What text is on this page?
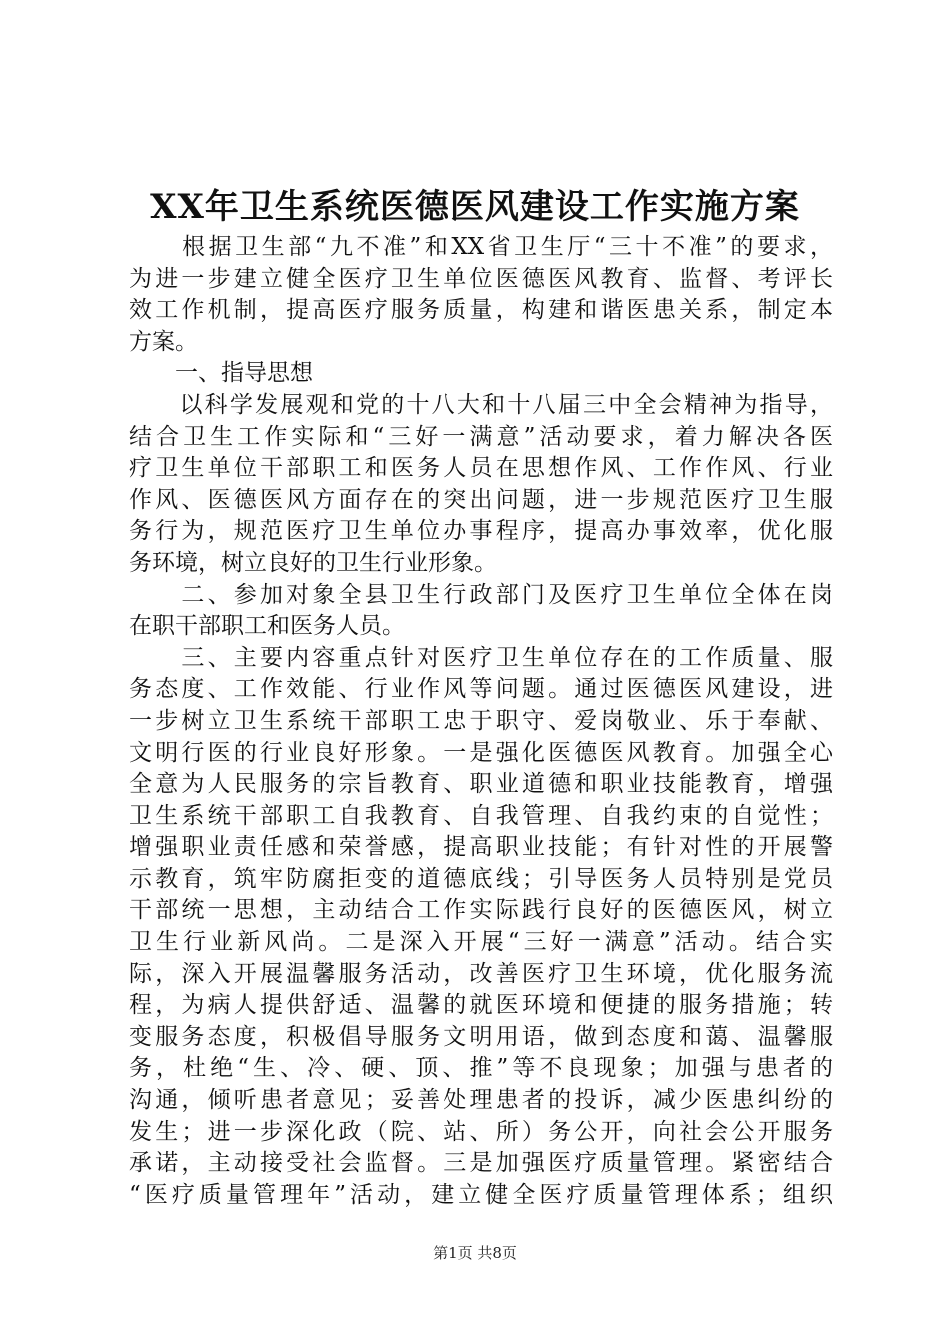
XX年卫生系统医德医风建设工作实施方案
　　根据卫生部“九不准”和XX省卫生厅“三十不准”的要求，
为进一步建立健全医疗卫生单位医德医风教育、监督、考评长
效工作机制，提高医疗服务质量，构建和谐医患关系，制定本
方案。
　　一、指导思想
　　以科学发展观和党的十八大和十八届三中全会精神为指导，
结合卫生工作实际和“三好一满意”活动要求，着力解决各医
疗卫生单位干部职工和医务人员在思想作风、工作作风、行业
作风、医德医风方面存在的突出问题，进一步规范医疗卫生服
务行为，规范医疗卫生单位办事程序，提高办事效率，优化服
务环境，树立良好的卫生行业形象。
　　二、参加对象全县卫生行政部门及医疗卫生单位全体在岗
在职干部职工和医务人员。
　　三、主要内容重点针对医疗卫生单位存在的工作质量、服
务态度、工作效能、行业作风等问题。通过医德医风建设，进
一步树立卫生系统干部职工忠于职守、爱岗敬业、乐于奉献、
文明行医的行业良好形象。一是强化医德医风教育。加强全心
全意为人民服务的宗旨教育、职业道德和职业技能教育，增强
卫生系统干部职工自我教育、自我管理、自我约束的自觉性；
增强职业责任感和荣誉感，提高职业技能；有针对性的开展警
示教育，筑牢防腐拒变的道德底线；引导医务人员特别是党员
干部统一思想，主动结合工作实际践行良好的医德医风，树立
卫生行业新风尚。二是深入开展“三好一满意”活动。结合实
际，深入开展温馨服务活动，改善医疗卫生环境，优化服务流
程，为病人提供舒适、温馨的就医环境和便捷的服务措施；转
变服务态度，积极倡导服务文明用语，做到态度和蔼、温馨服
务，杜绝“生、冷、硬、顶、推”等不良现象；加强与患者的
沟通，倾听患者意见；妥善处理患者的投诉，减少医患纠纷的
发生；进一步深化政（院、站、所）务公开，向社会公开服务
承诺，主动接受社会监督。三是加强医疗质量管理。紧密结合
“医疗质量管理年”活动，建立健全医疗质量管理体系；组织
第1页 共8页
